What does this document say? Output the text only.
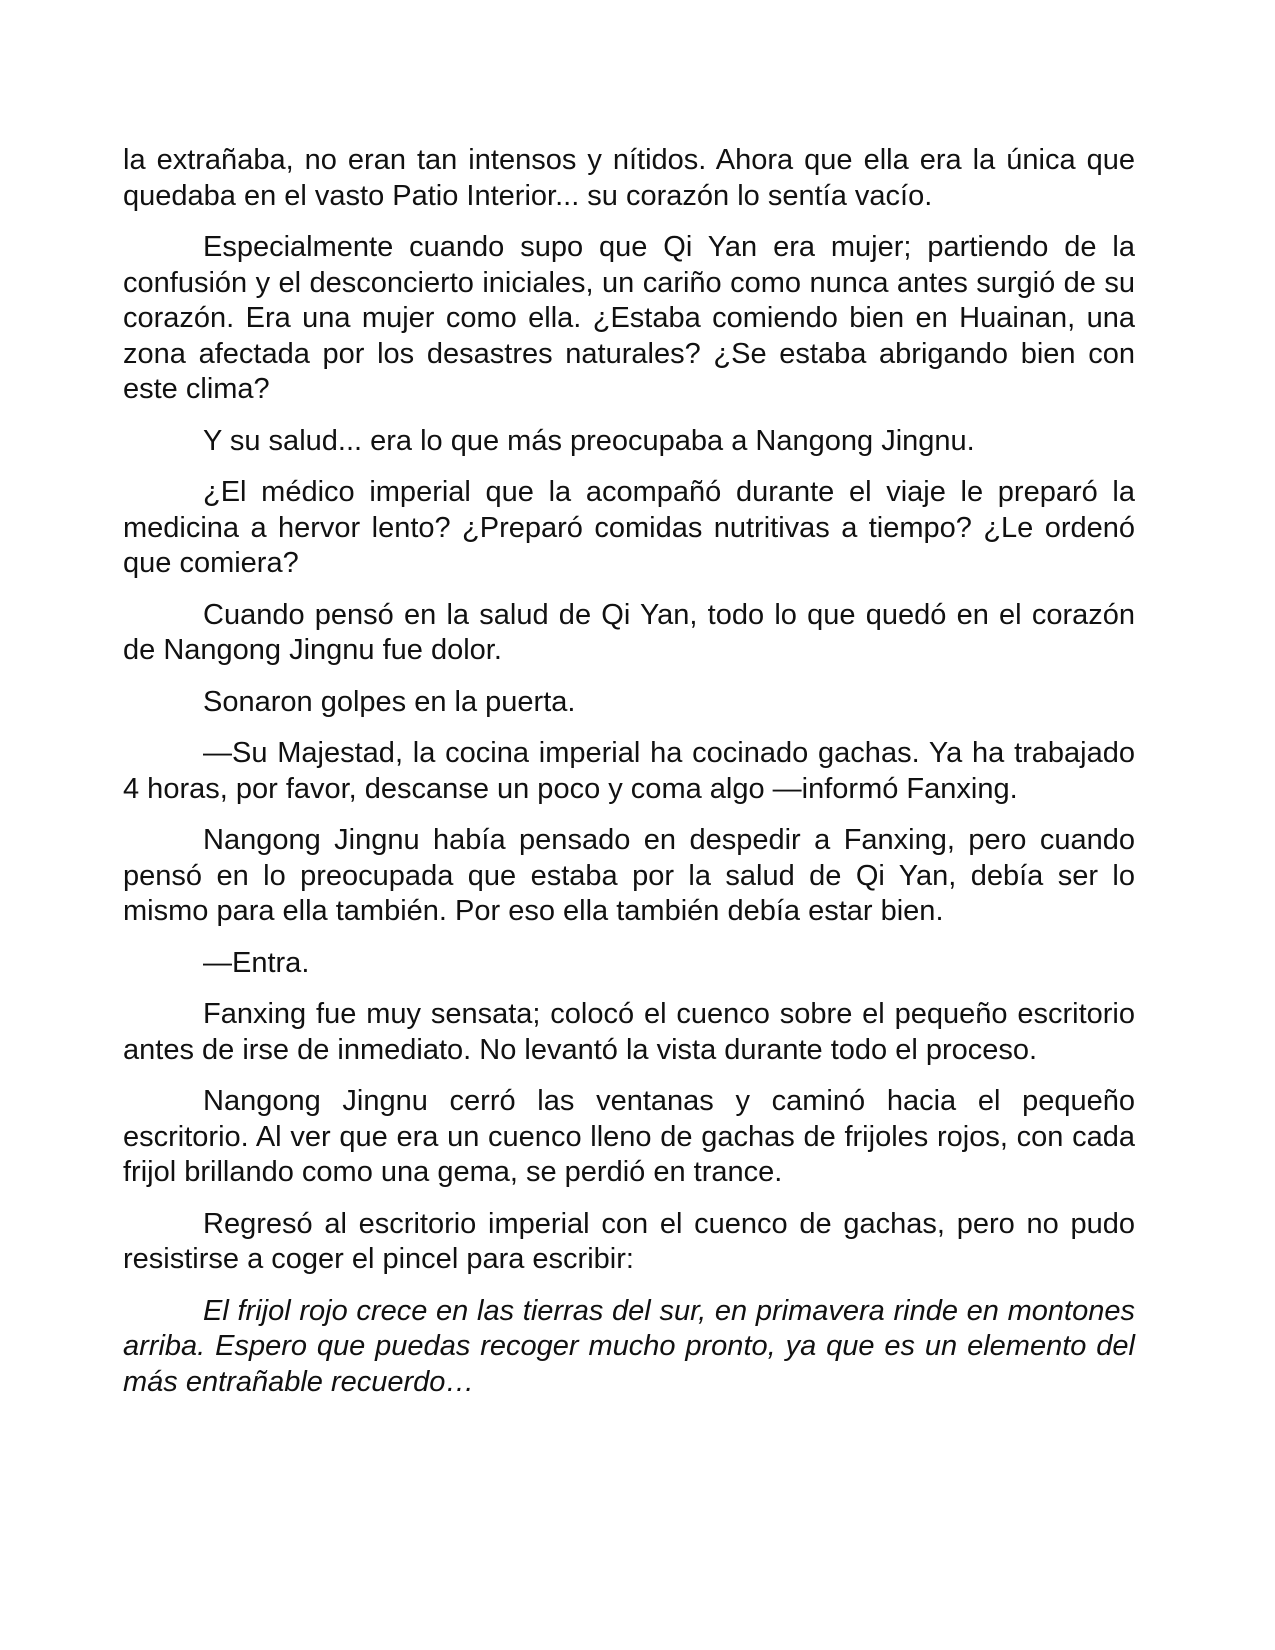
la extrañaba, no eran tan intensos y nítidos. Ahora que ella era la única que quedaba en el vasto Patio Interior... su corazón lo sentía vacío.

Especialmente cuando supo que Qi Yan era mujer; partiendo de la confusión y el desconcierto iniciales, un cariño como nunca antes surgió de su corazón. Era una mujer como ella. ¿Estaba comiendo bien en Huainan, una zona afectada por los desastres naturales? ¿Se estaba abrigando bien con este clima?

Y su salud... era lo que más preocupaba a Nangong Jingnu.

¿El médico imperial que la acompañó durante el viaje le preparó la medicina a hervor lento? ¿Preparó comidas nutritivas a tiempo? ¿Le ordenó que comiera?

Cuando pensó en la salud de Qi Yan, todo lo que quedó en el corazón de Nangong Jingnu fue dolor.

Sonaron golpes en la puerta.

—Su Majestad, la cocina imperial ha cocinado gachas. Ya ha trabajado 4 horas, por favor, descanse un poco y coma algo —informó Fanxing.

Nangong Jingnu había pensado en despedir a Fanxing, pero cuando pensó en lo preocupada que estaba por la salud de Qi Yan, debía ser lo mismo para ella también. Por eso ella también debía estar bien.

—Entra.

Fanxing fue muy sensata; colocó el cuenco sobre el pequeño escritorio antes de irse de inmediato. No levantó la vista durante todo el proceso.

Nangong Jingnu cerró las ventanas y caminó hacia el pequeño escritorio. Al ver que era un cuenco lleno de gachas de frijoles rojos, con cada frijol brillando como una gema, se perdió en trance.

Regresó al escritorio imperial con el cuenco de gachas, pero no pudo resistirse a coger el pincel para escribir:

El frijol rojo crece en las tierras del sur, en primavera rinde en montones arriba. Espero que puedas recoger mucho pronto, ya que es un elemento del más entrañable recuerdo…
